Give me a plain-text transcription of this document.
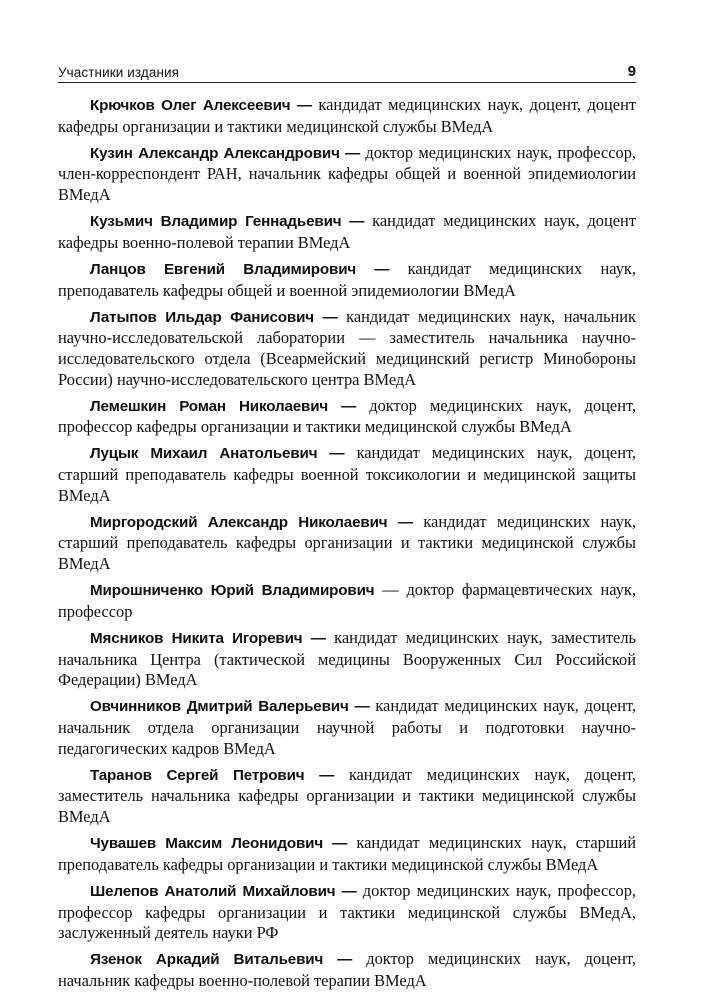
Участники издания	9

Крючков Олег Алексеевич — кандидат медицинских наук, доцент, доцент кафедры организации и тактики медицинской службы ВМедА

Кузин Александр Александрович — доктор медицинских наук, профессор, член-корреспондент РАН, начальник кафедры общей и военной эпидемиологии ВМедА

Кузьмич Владимир Геннадьевич — кандидат медицинских наук, доцент кафедры военно-полевой терапии ВМедА

Ланцов Евгений Владимирович — кандидат медицинских наук, преподаватель кафедры общей и военной эпидемиологии ВМедА

Латыпов Ильдар Фанисович — кандидат медицинских наук, начальник научно-исследовательской лаборатории — заместитель начальника научно-исследовательского отдела (Всеармейский медицинский регистр Минобороны России) научно-исследовательского центра ВМедА

Лемешкин Роман Николаевич — доктор медицинских наук, доцент, профессор кафедры организации и тактики медицинской службы ВМедА

Луцык Михаил Анатольевич — кандидат медицинских наук, доцент, старший преподаватель кафедры военной токсикологии и медицинской защиты ВМедА

Миргородский Александр Николаевич — кандидат медицинских наук, старший преподаватель кафедры организации и тактики медицинской службы ВМедА

Мирошниченко Юрий Владимирович — доктор фармацевтических наук, профессор

Мясников Никита Игоревич — кандидат медицинских наук, заместитель начальника Центра (тактической медицины Вооруженных Сил Российской Федерации) ВМедА

Овчинников Дмитрий Валерьевич — кандидат медицинских наук, доцент, начальник отдела организации научной работы и подготовки научно-педагогических кадров ВМедА

Таранов Сергей Петрович — кандидат медицинских наук, доцент, заместитель начальника кафедры организации и тактики медицинской службы ВМедА

Чувашев Максим Леонидович — кандидат медицинских наук, старший преподаватель кафедры организации и тактики медицинской службы ВМедА

Шелепов Анатолий Михайлович — доктор медицинских наук, профессор, профессор кафедры организации и тактики медицинской службы ВМедА, заслуженный деятель науки РФ

Язенок Аркадий Витальевич — доктор медицинских наук, доцент, начальник кафедры военно-полевой терапии ВМедА
